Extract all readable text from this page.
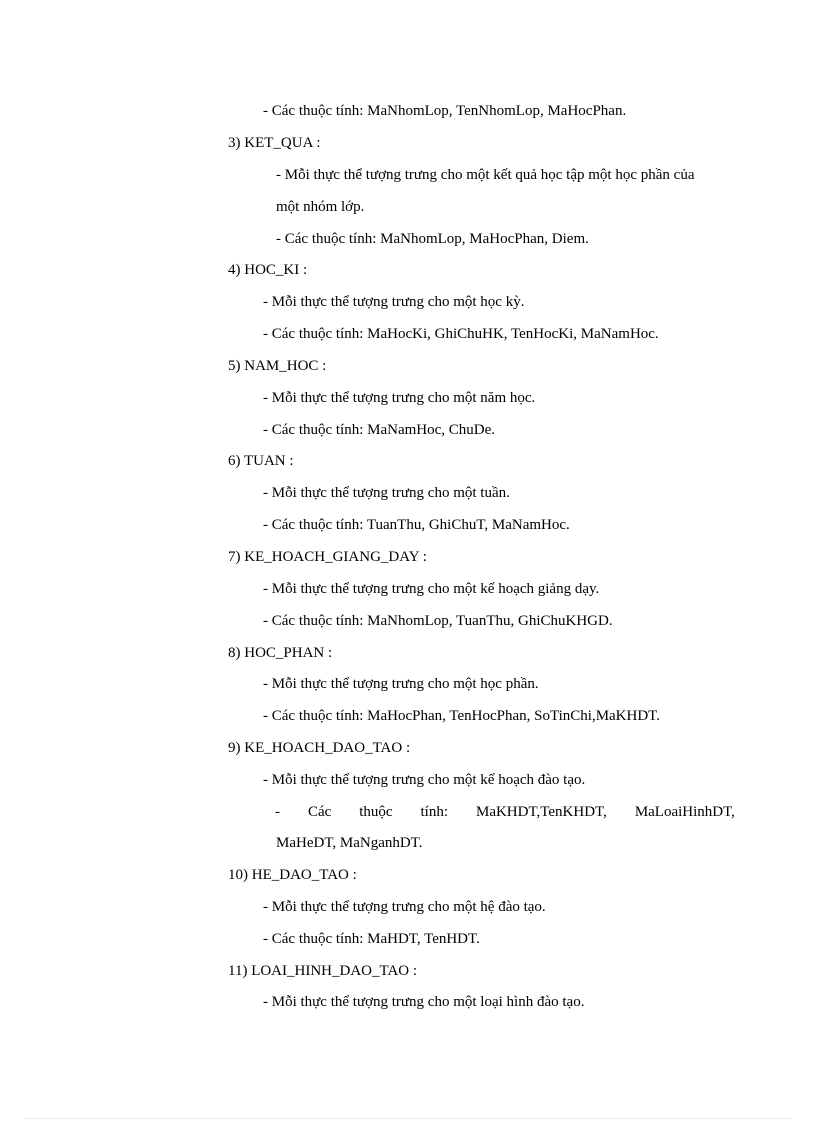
- Các thuộc tính: MaNhomLop, TenNhomLop, MaHocPhan.
3) KET_QUA :
- Mỗi thực thể tượng trưng cho một kết quả học tập một học phần của
một nhóm lớp.
- Các thuộc tính: MaNhomLop, MaHocPhan, Diem.
4) HOC_KI :
- Mỗi thực thể tượng trưng cho một học kỳ.
- Các thuộc tính: MaHocKi, GhiChuHK, TenHocKi, MaNamHoc.
5) NAM_HOC :
- Mỗi thực thể tượng trưng cho một năm học.
- Các thuộc tính: MaNamHoc, ChuDe.
6) TUAN :
- Mỗi thực thể tượng trưng cho một tuần.
- Các thuộc tính: TuanThu, GhiChuT, MaNamHoc.
7) KE_HOACH_GIANG_DAY :
- Mỗi thực thể tượng trưng cho một kế hoạch giảng dạy.
- Các thuộc tính: MaNhomLop, TuanThu, GhiChuKHGD.
8) HOC_PHAN :
- Mỗi thực thể tượng trưng cho một học phần.
- Các thuộc tính: MaHocPhan, TenHocPhan, SoTinChi,MaKHDT.
9) KE_HOACH_DAO_TAO :
- Mỗi thực thể tượng trưng cho một kế hoạch đào tạo.
- Các thuộc tính: MaKHDT,TenKHDT, MaLoaiHinhDT,
MaHeDT, MaNganhDT.
10) HE_DAO_TAO :
- Mỗi thực thể tượng trưng cho một hệ đào tạo.
- Các thuộc tính: MaHDT, TenHDT.
11) LOAI_HINH_DAO_TAO :
- Mỗi thực thể tượng trưng cho một loại hình đào tạo.
